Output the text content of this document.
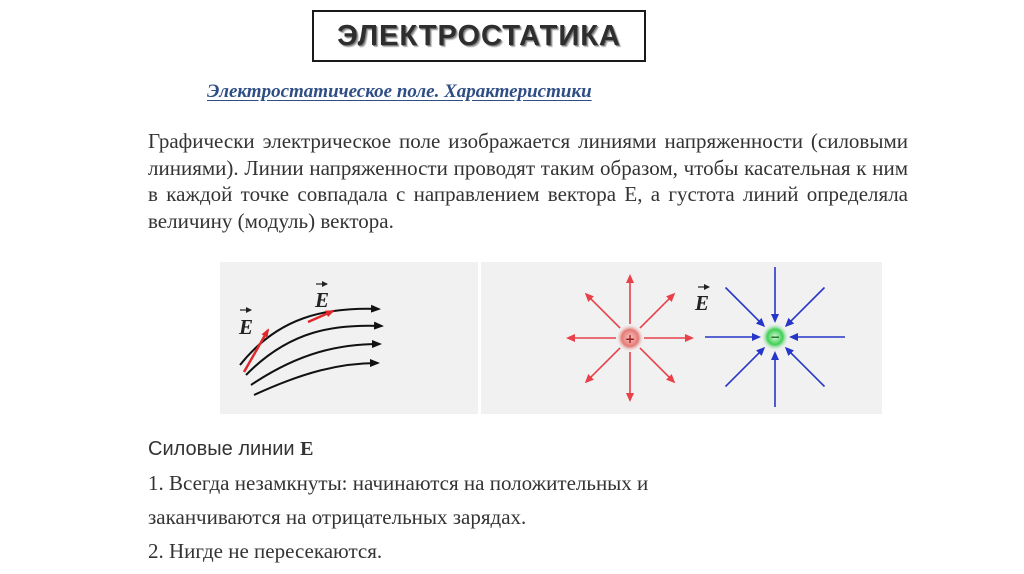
ЭЛЕКТРОСТАТИКА
Электростатическое поле. Характеристики
Графически электрическое поле изображается линиями напряженности (силовыми линиями). Линии напряженности проводят таким образом, чтобы касательная к ним в каждой точке совпадала с направлением вектора Е, а густота линий определяла величину (модуль) вектора.
E
E
+	−
E
Силовые линии Е
1. Всегда незамкнуты: начинаются на положительных и
заканчиваются на отрицательных зарядах.
2. Нигде не пересекаются.
